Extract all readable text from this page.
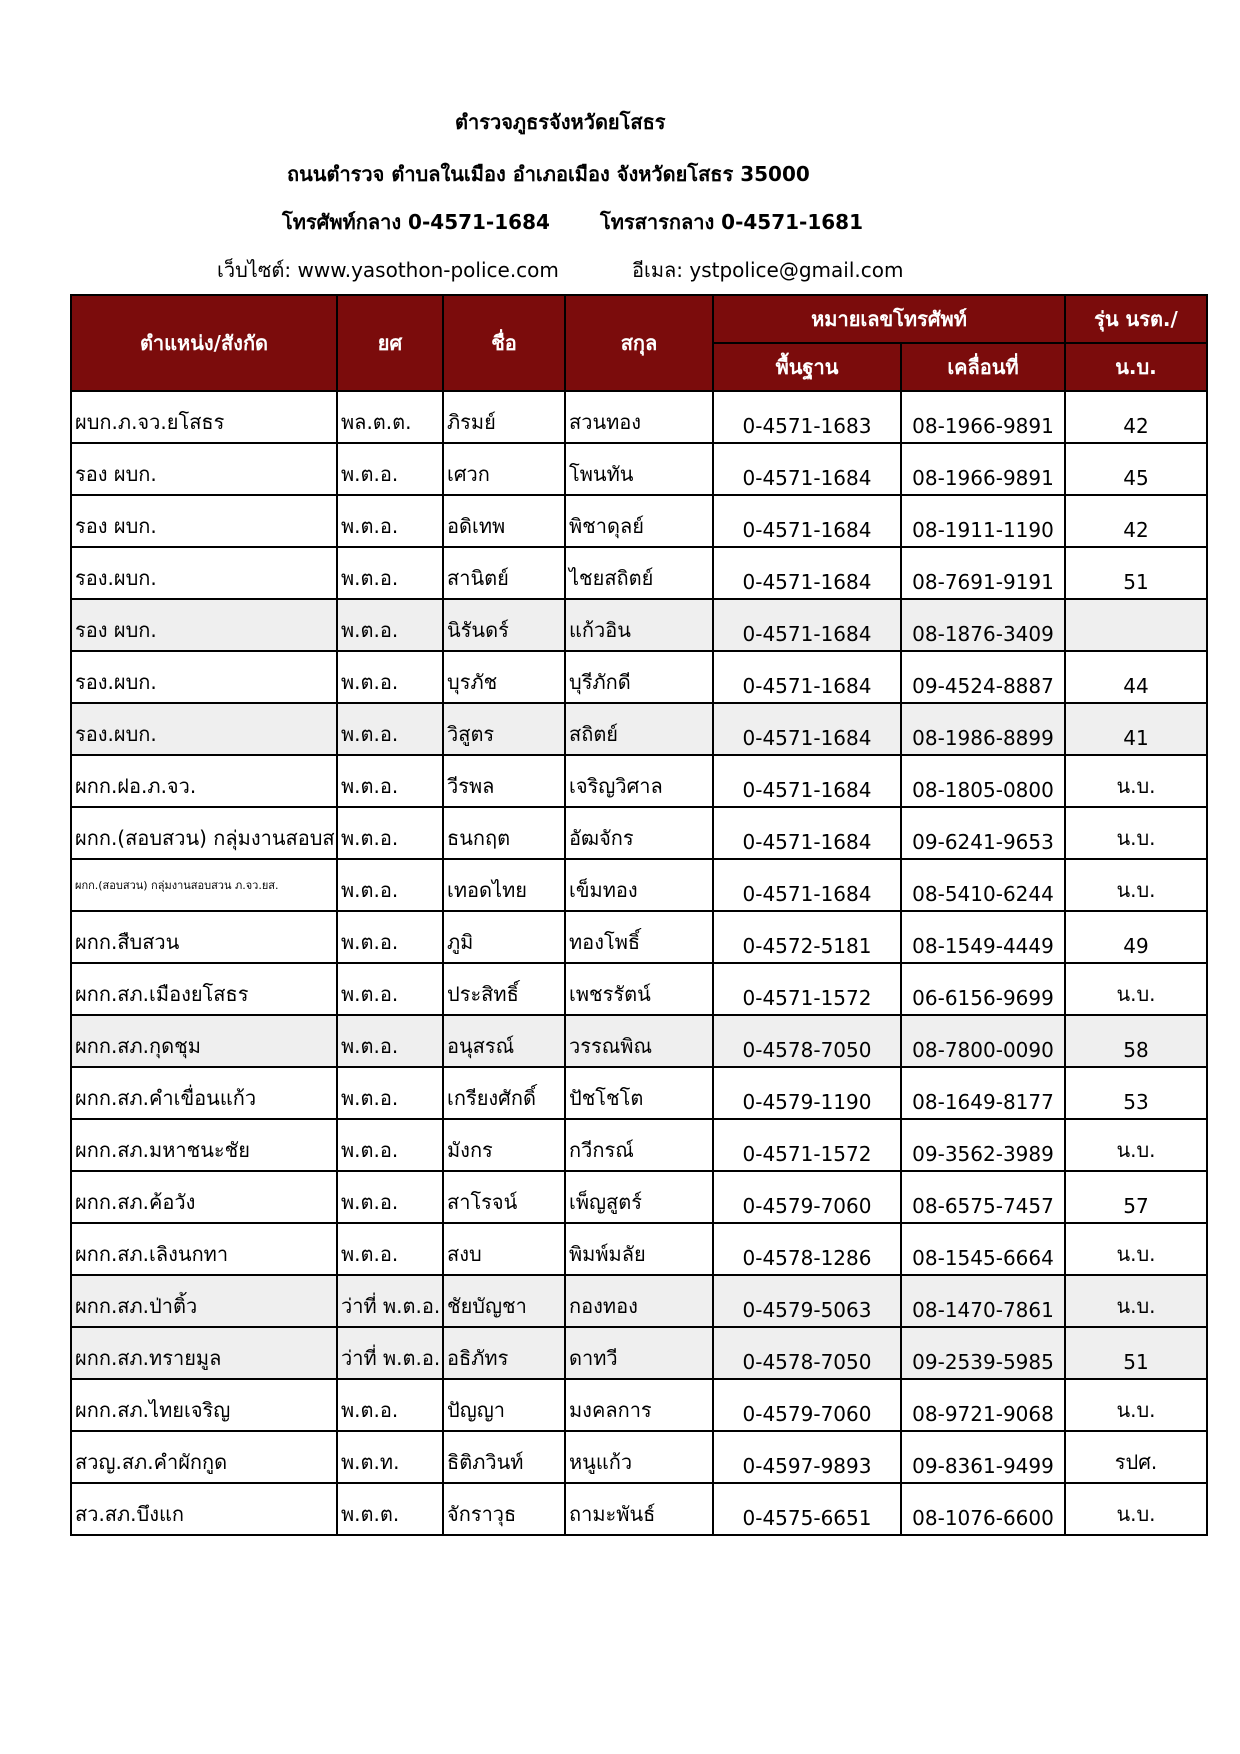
ตำรวจภูธรจังหวัดยโสธร
ถนนตำรวจ ตำบลในเมือง อำเภอเมือง จังหวัดยโสธร 35000
โทรศัพท์กลาง 0-4571-1684	โทรสารกลาง 0-4571-1681
เว็บไซต์: www.yasothon-police.com	อีเมล: ystpolice@gmail.com
ตำแหน่ง/สังกัด	ยศ	ชื่อ	สกุล	หมายเลขโทรศัพท์		รุ่น นรต./
				พื้นฐาน	เคลื่อนที่	น.บ.
ผบก.ภ.จว.ยโสธร	พล.ต.ต.	ภิรมย์	สวนทอง	0-4571-1683	08-1966-9891	42
รอง ผบก.	พ.ต.อ.	เศวก	โพนทัน	0-4571-1684	08-1966-9891	45
รอง ผบก.	พ.ต.อ.	อดิเทพ	พิชาดุลย์	0-4571-1684	08-1911-1190	42
รอง.ผบก.	พ.ต.อ.	สานิตย์	ไชยสถิตย์	0-4571-1684	08-7691-9191	51
รอง ผบก.	พ.ต.อ.	นิรันดร์	แก้วอิน	0-4571-1684	08-1876-3409	
รอง.ผบก.	พ.ต.อ.	บุรภัช	บุรีภักดี	0-4571-1684	09-4524-8887	44
รอง.ผบก.	พ.ต.อ.	วิสูตร	สถิตย์	0-4571-1684	08-1986-8899	41
ผกก.ฝอ.ภ.จว.	พ.ต.อ.	วีรพล	เจริญวิศาล	0-4571-1684	08-1805-0800	น.บ.
ผกก.(สอบสวน) กลุ่มงานสอบส	พ.ต.อ.	ธนกฤต	อัฒจักร	0-4571-1684	09-6241-9653	น.บ.
ผกก.(สอบสวน) กลุ่มงานสอบสวน ภ.จว.ยส.	พ.ต.อ.	เทอดไทย	เข็มทอง	0-4571-1684	08-5410-6244	น.บ.
ผกก.สืบสวน	พ.ต.อ.	ภูมิ	ทองโพธิ์	0-4572-5181	08-1549-4449	49
ผกก.สภ.เมืองยโสธร	พ.ต.อ.	ประสิทธิ์	เพชรรัตน์	0-4571-1572	06-6156-9699	น.บ.
ผกก.สภ.กุดชุม	พ.ต.อ.	อนุสรณ์	วรรณพิณ	0-4578-7050	08-7800-0090	58
ผกก.สภ.คำเขื่อนแก้ว	พ.ต.อ.	เกรียงศักดิ์	ปัชโชโต	0-4579-1190	08-1649-8177	53
ผกก.สภ.มหาชนะชัย	พ.ต.อ.	มังกร	กวีกรณ์	0-4571-1572	09-3562-3989	น.บ.
ผกก.สภ.ค้อวัง	พ.ต.อ.	สาโรจน์	เพ็ญสูตร์	0-4579-7060	08-6575-7457	57
ผกก.สภ.เลิงนกทา	พ.ต.อ.	สงบ	พิมพ์มลัย	0-4578-1286	08-1545-6664	น.บ.
ผกก.สภ.ป่าติ้ว	ว่าที่ พ.ต.อ.	ชัยบัญชา	กองทอง	0-4579-5063	08-1470-7861	น.บ.
ผกก.สภ.ทรายมูล	ว่าที่ พ.ต.อ.	อธิภัทร	ดาทวี	0-4578-7050	09-2539-5985	51
ผกก.สภ.ไทยเจริญ	พ.ต.อ.	ปัญญา	มงคลการ	0-4579-7060	08-9721-9068	น.บ.
สวญ.สภ.คำผักกูด	พ.ต.ท.	ธิติภวินท์	หนูแก้ว	0-4597-9893	09-8361-9499	รปศ.
สว.สภ.บึงแก	พ.ต.ต.	จักราวุธ	ถามะพันธ์	0-4575-6651	08-1076-6600	น.บ.
